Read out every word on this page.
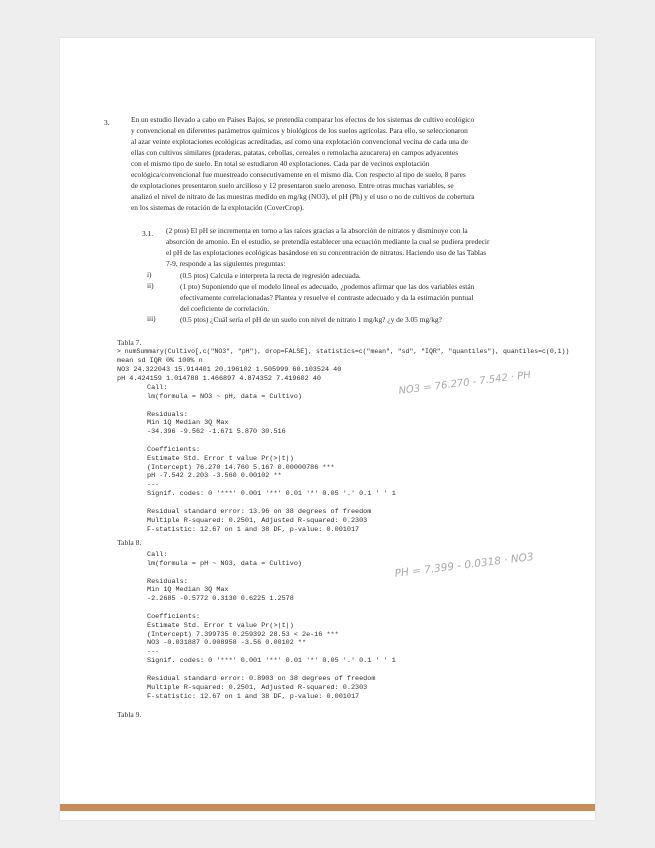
3.	En un estudio llevado a cabo en Países Bajos, se pretendía comparar los efectos de los sistemas de cultivo ecológico
y convencional en diferentes parámetros químicos y biológicos de los suelos agrícolas. Para ello, se seleccionaron
al azar veinte explotaciones ecológicas acreditadas, así como una explotación convencional vecina de cada una de
ellas con cultivos similares (praderas, patatas, cebollas, cereales o remolacha azucarera) en campos adyacentes
con el mismo tipo de suelo. En total se estudiaron 40 explotaciones. Cada par de vecinos explotación
ecológica/convencional fue muestreado consecutivamente en el mismo día. Con respecto al tipo de suelo, 8 pares
de explotaciones presentaron suelo arcilloso y 12 presentaron suelo arenoso. Entre otras muchas variables, se
analizó el nivel de nitrato de las muestras medido en mg/kg (NO3), el pH (Ph) y el uso o no de cultivos de cobertura
en los sistemas de rotación de la explotación (CoverCrop).
3.1. (2 ptos) El pH se incrementa en torno a las raíces gracias a la absorción de nitratos y disminuye con la
absorción de amonio. En el estudio, se pretendía establecer una ecuación mediante la cual se pudiera predecir
el pH de las explotaciones ecológicas basándose en su concentración de nitratos. Haciendo uso de las Tablas
7-9, responde a las siguientes preguntas:
i)	(0.5 ptos) Calcula e interpreta la recta de regresión adecuada.
ii)	(1 pto) Suponiendo que el modelo lineal es adecuado, ¿podemos afirmar que las dos variables están
efectivamente correlacionadas? Plantea y resuelve el contraste adecuado y da la estimación puntual
del coeficiente de correlación.
iii)	(0.5 ptos) ¿Cuál sería el pH de un suelo con nivel de nitrato 1 mg/kg? ¿y de 3.05 mg/kg?
Tabla 7.
> numSummary(Cultivo[,c("NO3", "pH"), drop=FALSE], statistics=c("mean", "sd", "IQR", "quantiles"), quantiles=c(0,1))
mean sd IQR 0% 100% n
NO3 24.322043 15.914401 20.196102 1.505999 60.103524 40
pH 4.424159 1.014788 1.466897 4.874352 7.419602 40
Call:
lm(formula = NO3 ~ pH, data = Cultivo)

Residuals:
Min 1Q Median 3Q Max
-34.396 -9.562 -1.671 5.870 30.516

Coefficients:
Estimate Std. Error t value Pr(>|t|)
(Intercept) 76.270 14.760 5.167 0.00000786 ***
pH -7.542 2.203 -3.560 0.00102 **
---
Signif. codes: 0 '***' 0.001 '**' 0.01 '*' 0.05 '.' 0.1 ' ' 1

Residual standard error: 13.96 on 38 degrees of freedom
Multiple R-squared: 0.2501, Adjusted R-squared: 0.2303
F-statistic: 12.67 on 1 and 38 DF, p-value: 0.001017
Tabla 8.
Call:
lm(formula = pH ~ NO3, data = Cultivo)

Residuals:
Min 1Q Median 3Q Max
-2.2685 -0.5772 0.3130 0.6225 1.2578

Coefficients:
Estimate Std. Error t value Pr(>|t|)
(Intercept) 7.399735 0.259392 28.53 < 2e-16 ***
NO3 -0.031887 0.008958 -3.56 0.00102 **
---
Signif. codes: 0 '***' 0.001 '**' 0.01 '*' 0.05 '.' 0.1 ' ' 1

Residual standard error: 0.8903 on 38 degrees of freedom
Multiple R-squared: 0.2501, Adjusted R-squared: 0.2303
F-statistic: 12.67 on 1 and 38 DF, p-value: 0.001017
Tabla 9.
NO3 = 76.270 - 7.542 · PH
PH = 7.399 - 0.0318 · NO3
